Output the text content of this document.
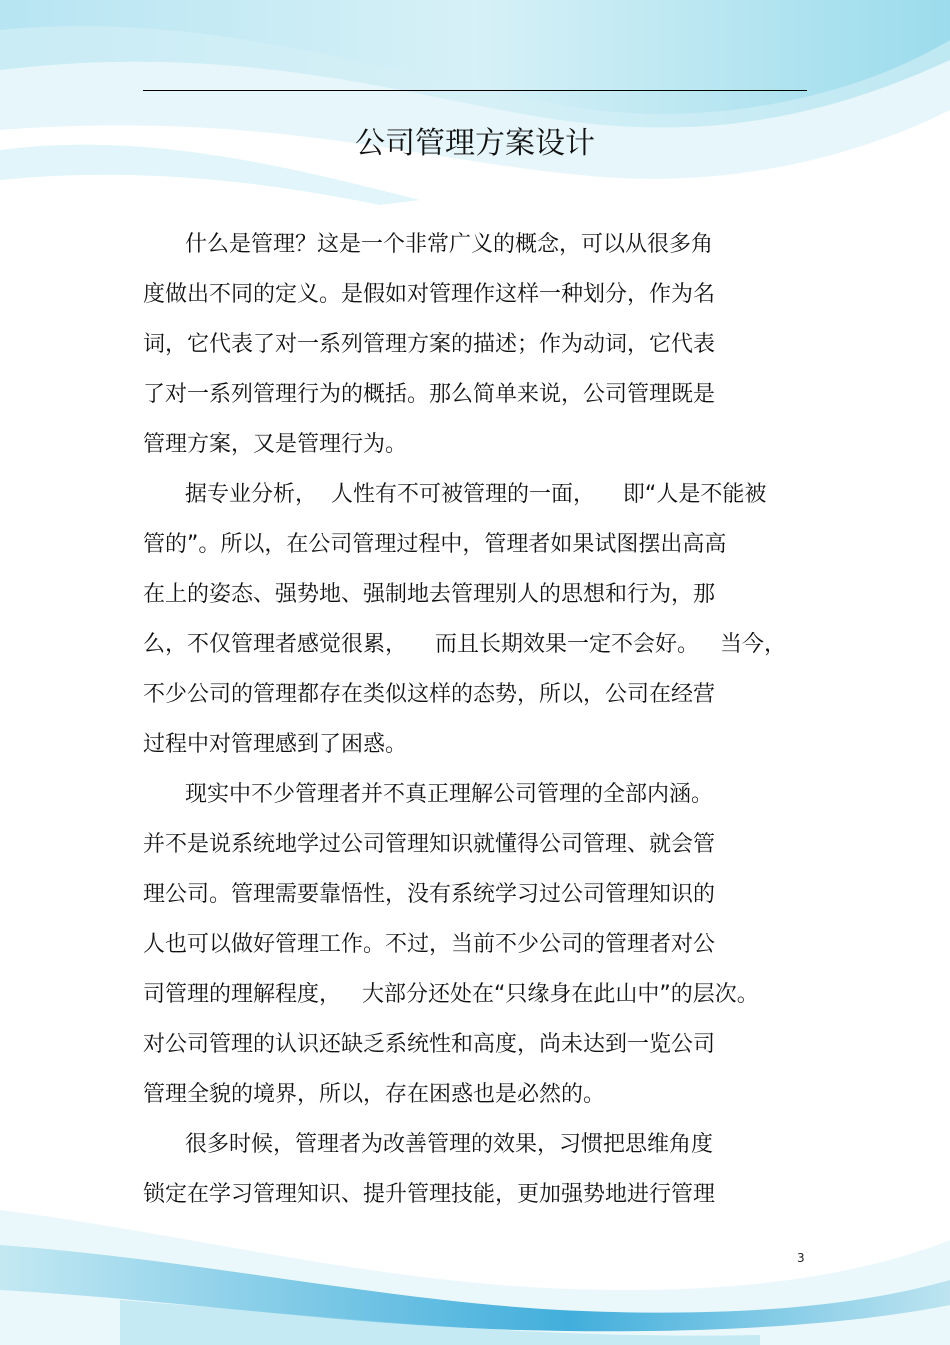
公司管理方案设计
什么是管理？这是一个非常广义的概念，可以从很多角
度做出不同的定义。是假如对管理作这样一种划分，作为名
词，它代表了对一系列管理方案的描述；作为动词，它代表
了对一系列管理行为的概括。那么简单来说，公司管理既是
管理方案，又是管理行为。
据专业分析，  人性有不可被管理的一面，    即“人是不能被
管的”。所以，在公司管理过程中，管理者如果试图摆出高高
在上的姿态、强势地、强制地去管理别人的思想和行为，那
么，不仅管理者感觉很累，    而且长期效果一定不会好。   当今，
不少公司的管理都存在类似这样的态势，所以，公司在经营
过程中对管理感到了困惑。
现实中不少管理者并不真正理解公司管理的全部内涵。
并不是说系统地学过公司管理知识就懂得公司管理、就会管
理公司。管理需要靠悟性，没有系统学习过公司管理知识的
人也可以做好管理工作。不过，当前不少公司的管理者对公
司管理的理解程度，   大部分还处在“只缘身在此山中”的层次。
对公司管理的认识还缺乏系统性和高度，尚未达到一览公司
管理全貌的境界，所以，存在困惑也是必然的。
很多时候，管理者为改善管理的效果，习惯把思维角度
锁定在学习管理知识、提升管理技能，更加强势地进行管理
3
